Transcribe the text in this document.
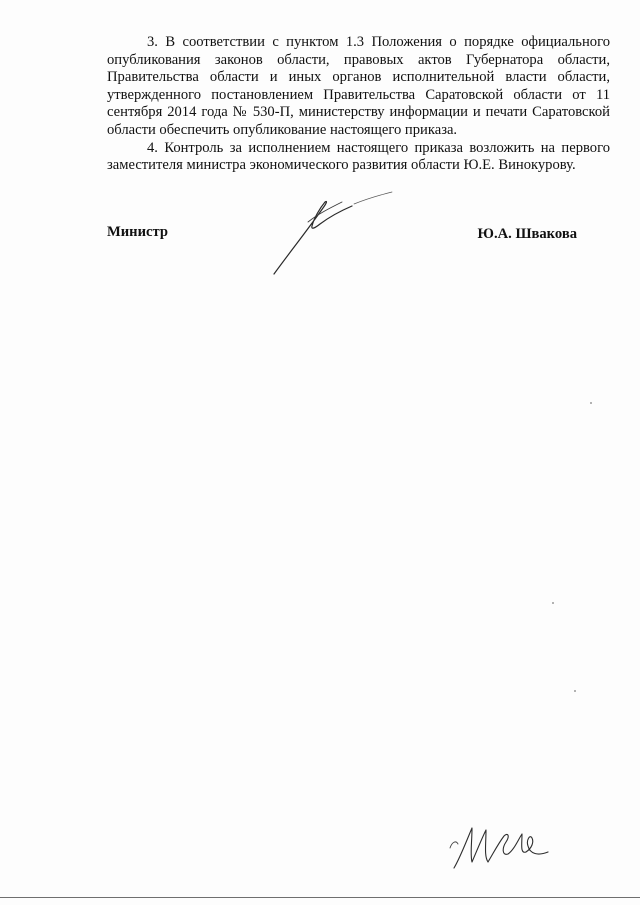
3. В соответствии с пунктом 1.3 Положения о порядке официального опубликования законов области, правовых актов Губернатора области, Правительства области и иных органов исполнительной власти области, утвержденного постановлением Правительства Саратовской области от 11 сентября 2014 года № 530-П, министерству информации и печати Саратовской области обеспечить опубликование настоящего приказа.

4. Контроль за исполнением настоящего приказа возложить на первого заместителя министра экономического развития области Ю.Е. Винокурову.

Министр	Ю.А. Швакова
